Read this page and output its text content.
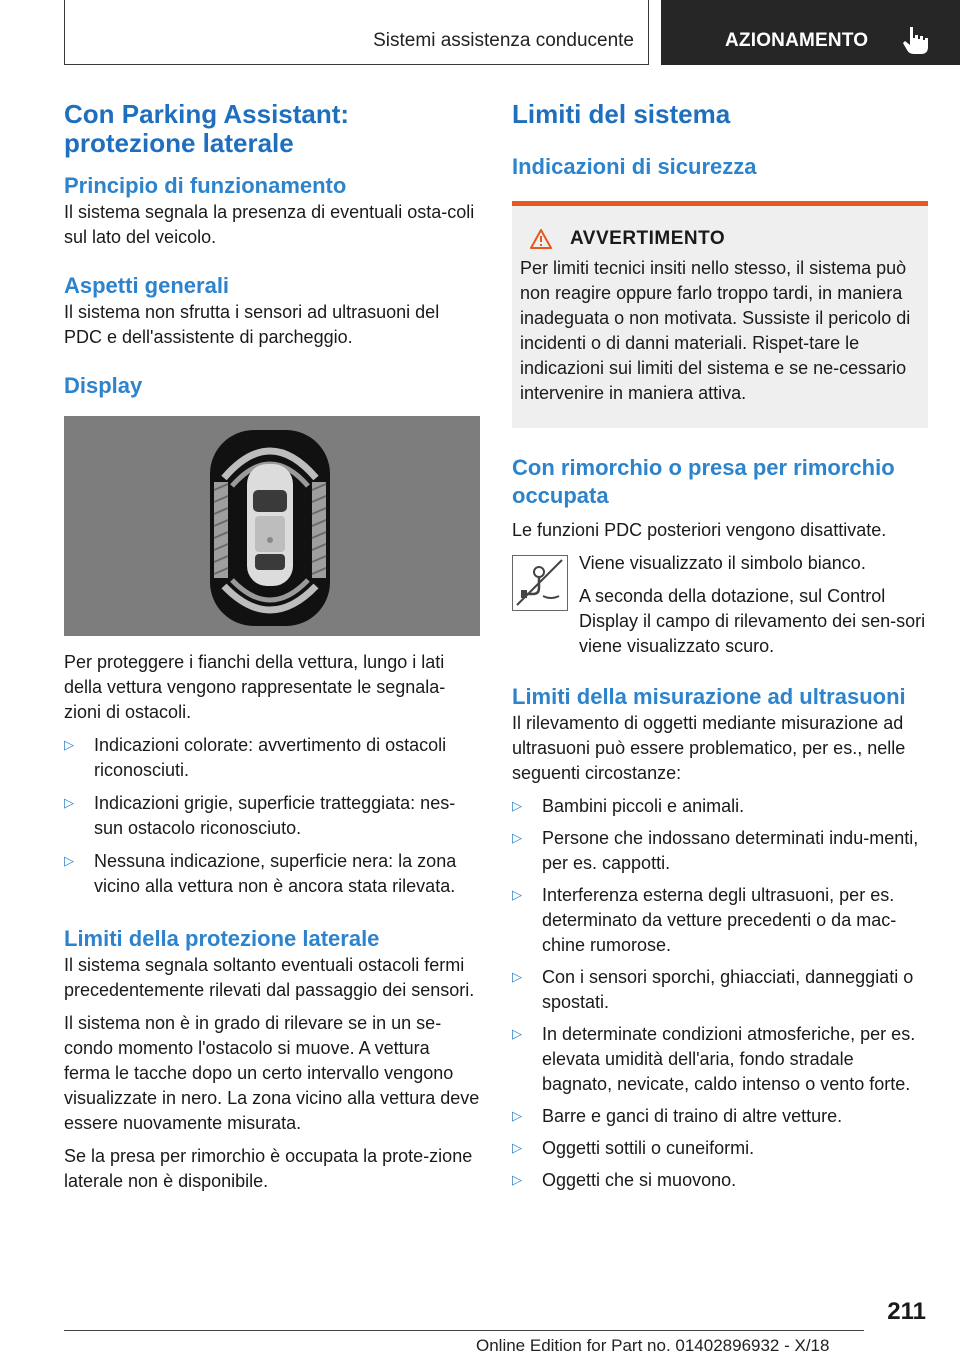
Sistemi assistenza conducente	AZIONAMENTO
Con Parking Assistant: protezione laterale
Principio di funzionamento

Il sistema segnala la presenza di eventuali osta-coli sul lato del veicolo.

Aspetti generali

Il sistema non sfrutta i sensori ad ultrasuoni del PDC e dell'assistente di parcheggio.

Display

Per proteggere i fianchi della vettura, lungo i lati della vettura vengono rappresentate le segnala-zioni di ostacoli.

▷ Indicazioni colorate: avvertimento di ostacoli riconosciuti.
▷ Indicazioni grigie, superficie tratteggiata: nes-sun ostacolo riconosciuto.
▷ Nessuna indicazione, superficie nera: la zona vicino alla vettura non è ancora stata rilevata.
Limiti della protezione laterale

Il sistema segnala soltanto eventuali ostacoli fermi precedentemente rilevati dal passaggio dei sensori.

Il sistema non è in grado di rilevare se in un se-condo momento l'ostacolo si muove. A vettura ferma le tacche dopo un certo intervallo vengono visualizzate in nero. La zona vicino alla vettura deve essere nuovamente misurata.

Se la presa per rimorchio è occupata la prote-zione laterale non è disponibile.

Limiti del sistema
Indicazioni di sicurezza
AVVERTIMENTO

Per limiti tecnici insiti nello stesso, il sistema può non reagire oppure farlo troppo tardi, in maniera inadeguata o non motivata. Sussiste il pericolo di incidenti o di danni materiali. Rispet-tare le indicazioni sui limiti del sistema e se ne-cessario intervenire in maniera attiva.

Con rimorchio o presa per rimorchio occupata

Le funzioni PDC posteriori vengono disattivate.

Viene visualizzato il simbolo bianco.

A seconda della dotazione, sul Control Display il campo di rilevamento dei sen-sori viene visualizzato scuro.

Limiti della misurazione ad ultrasuoni

Il rilevamento di oggetti mediante misurazione ad ultrasuoni può essere problematico, per es., nelle seguenti circostanze:

▷ Bambini piccoli e animali.
▷ Persone che indossano determinati indu-menti, per es. cappotti.
▷ Interferenza esterna degli ultrasuoni, per es. determinato da vetture precedenti o da mac-chine rumorose.
▷ Con i sensori sporchi, ghiacciati, danneggiati o spostati.
▷ In determinate condizioni atmosferiche, per es. elevata umidità dell'aria, fondo stradale bagnato, nevicate, caldo intenso o vento forte.
▷ Barre e ganci di traino di altre vetture.
▷ Oggetti sottili o cuneiformi.
▷ Oggetti che si muovono.
211
Online Edition for Part no. 01402896932 - X/18
